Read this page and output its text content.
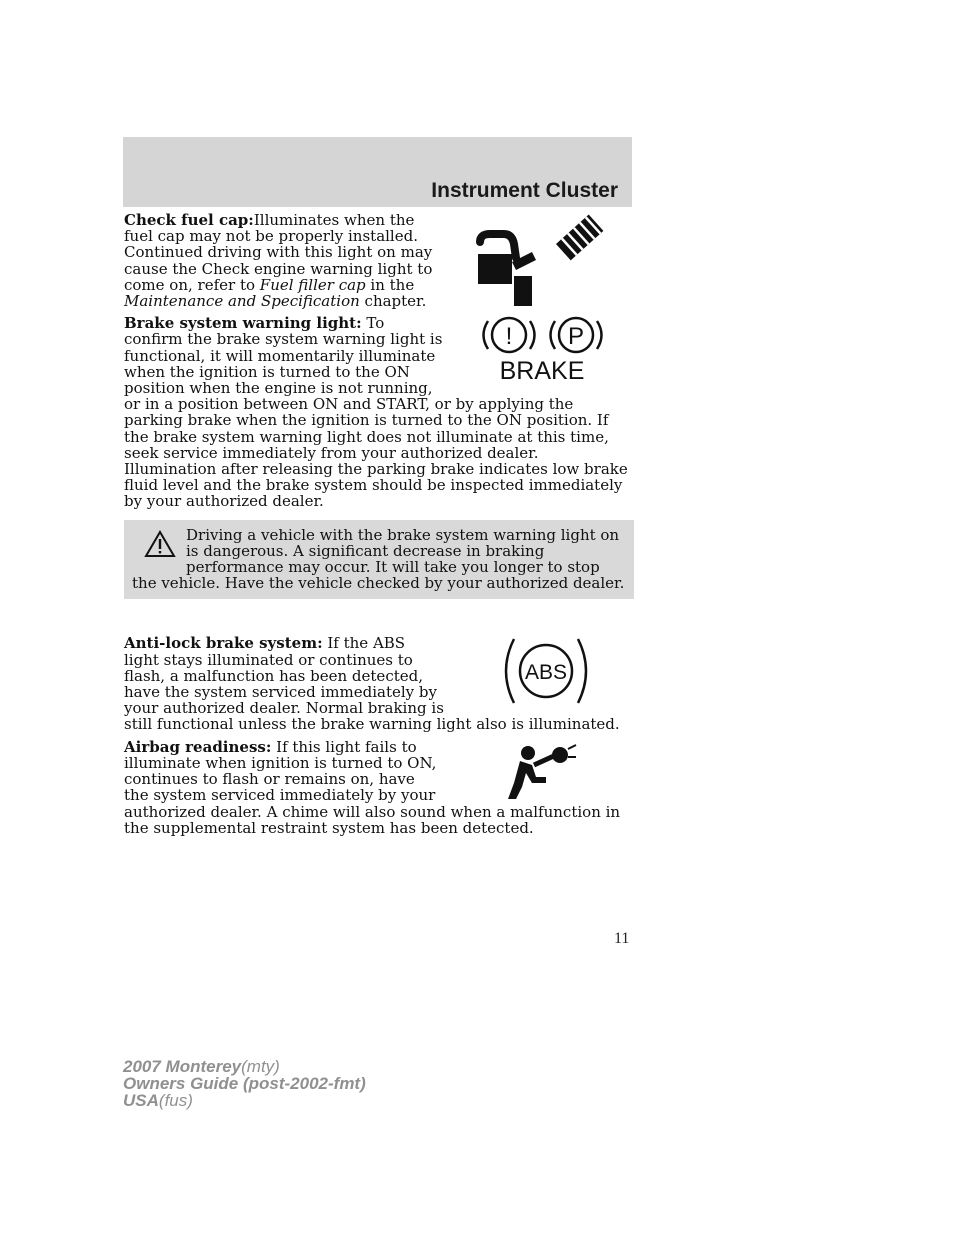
Instrument Cluster

Check fuel cap:Illuminates when the fuel cap may not be properly installed. Continued driving with this light on may cause the Check engine warning light to come on, refer to Fuel filler cap in the Maintenance and Specification chapter.

! P
BRAKE

Brake system warning light: To confirm the brake system warning light is functional, it will momentarily illuminate when the ignition is turned to the ON position when the engine is not running, or in a position between ON and START, or by applying the parking brake when the ignition is turned to the ON position. If the brake system warning light does not illuminate at this time, seek service immediately from your authorized dealer. Illumination after releasing the parking brake indicates low brake fluid level and the brake system should be inspected immediately by your authorized dealer.

Driving a vehicle with the brake system warning light on is dangerous. A significant decrease in braking performance may occur. It will take you longer to stop the vehicle. Have the vehicle checked by your authorized dealer.
ABS

Anti-lock brake system: If the ABS light stays illuminated or continues to flash, a malfunction has been detected, have the system serviced immediately by your authorized dealer. Normal braking is still functional unless the brake warning light also is illuminated.

Airbag readiness: If this light fails to illuminate when ignition is turned to ON, continues to flash or remains on, have the system serviced immediately by your authorized dealer. A chime will also sound when a malfunction in the supplemental restraint system has been detected.

11
2007 Monterey(mty)
Owners Guide (post-2002-fmt)
USA(fus)
